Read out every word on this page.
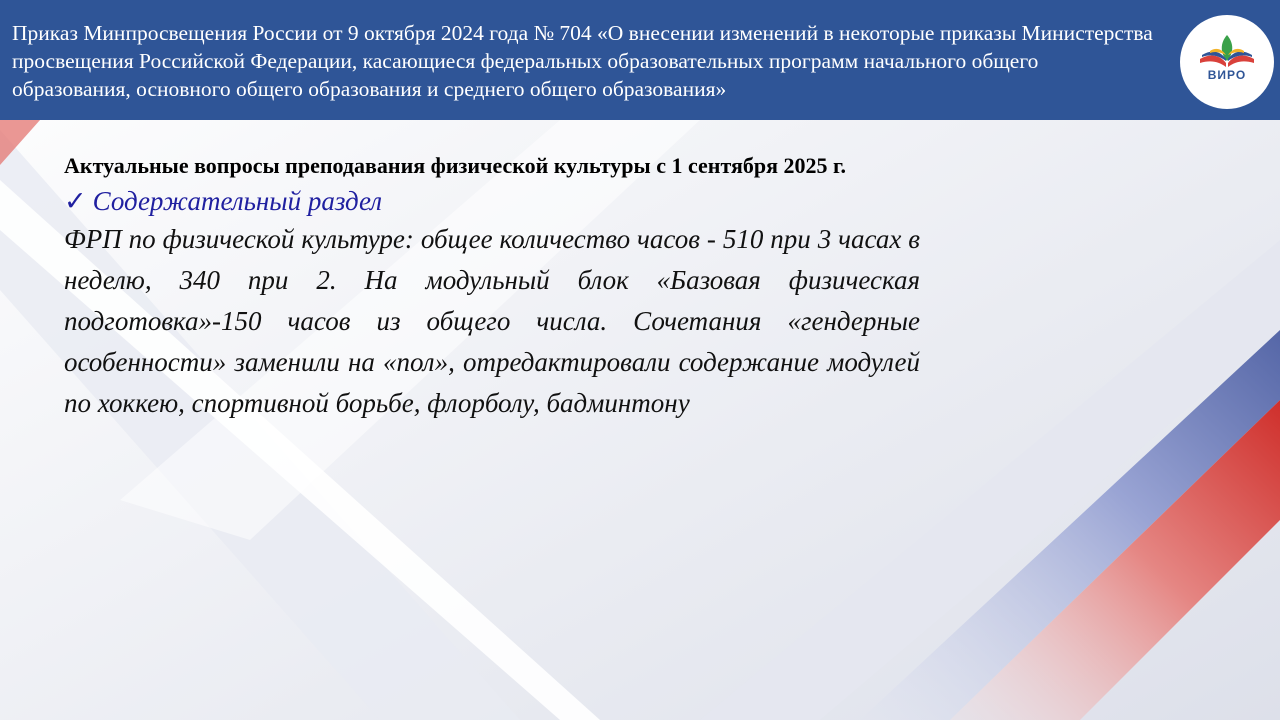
Приказ Минпросвещения России от 9 октября 2024 года № 704 «О внесении изменений в некоторые приказы Министерства просвещения Российской Федерации, касающиеся федеральных образовательных программ начального общего образования, основного общего образования и среднего общего образования»
ВИРО
Актуальные вопросы преподавания физической культуры с 1 сентября 2025 г.
✓ Содержательный раздел
ФРП по физической культуре: общее количество часов - 510 при 3 часах в неделю, 340 при 2. На модульный блок «Базовая физическая подготовка»-150 часов из общего числа. Сочетания «гендерные особенности» заменили на «пол», отредактировали содержание модулей по хоккею, спортивной борьбе, флорболу, бадминтону
